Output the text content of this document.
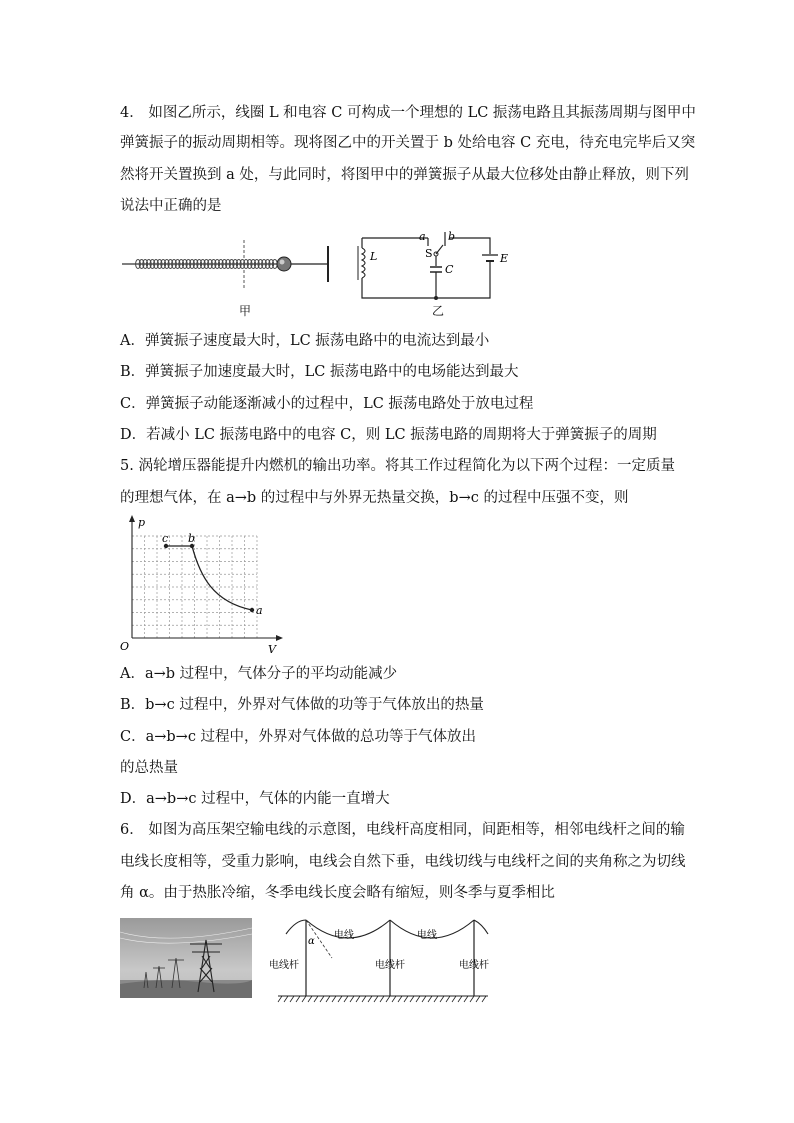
4． 如图乙所示，线圈 L 和电容 C 可构成一个理想的 LC 振荡电路且其振荡周期与图甲中
弹簧振子的振动周期相等。现将图乙中的开关置于 b 处给电容 C 充电，待充电完毕后又突
然将开关置换到 a 处，与此同时，将图甲中的弹簧振子从最大位移处由静止释放，则下列
说法中正确的是
甲
L
a b
S
C
E
乙
A．弹簧振子速度最大时，LC 振荡电路中的电流达到最小
B．弹簧振子加速度最大时，LC 振荡电路中的电场能达到最大
C．弹簧振子动能逐渐减小的过程中，LC 振荡电路处于放电过程
D．若减小 LC 振荡电路中的电容 C，则 LC 振荡电路的周期将大于弹簧振子的周期
5. 涡轮增压器能提升内燃机的输出功率。将其工作过程简化为以下两个过程：一定质量
的理想气体，在 a→b 的过程中与外界无热量交换，b→c 的过程中压强不变，则
p
V
O
c b
a
A．a→b 过程中，气体分子的平均动能减少
B．b→c 过程中，外界对气体做的功等于气体放出的热量
C．a→b→c 过程中，外界对气体做的总功等于气体放出
的总热量
D．a→b→c 过程中，气体的内能一直增大
6． 如图为高压架空输电线的示意图，电线杆高度相同，间距相等，相邻电线杆之间的输
电线长度相等，受重力影响，电线会自然下垂，电线切线与电线杆之间的夹角称之为切线
角 α。由于热胀冷缩，冬季电线长度会略有缩短，则冬季与夏季相比
α
电线	电线
电线杆	电线杆	电线杆
